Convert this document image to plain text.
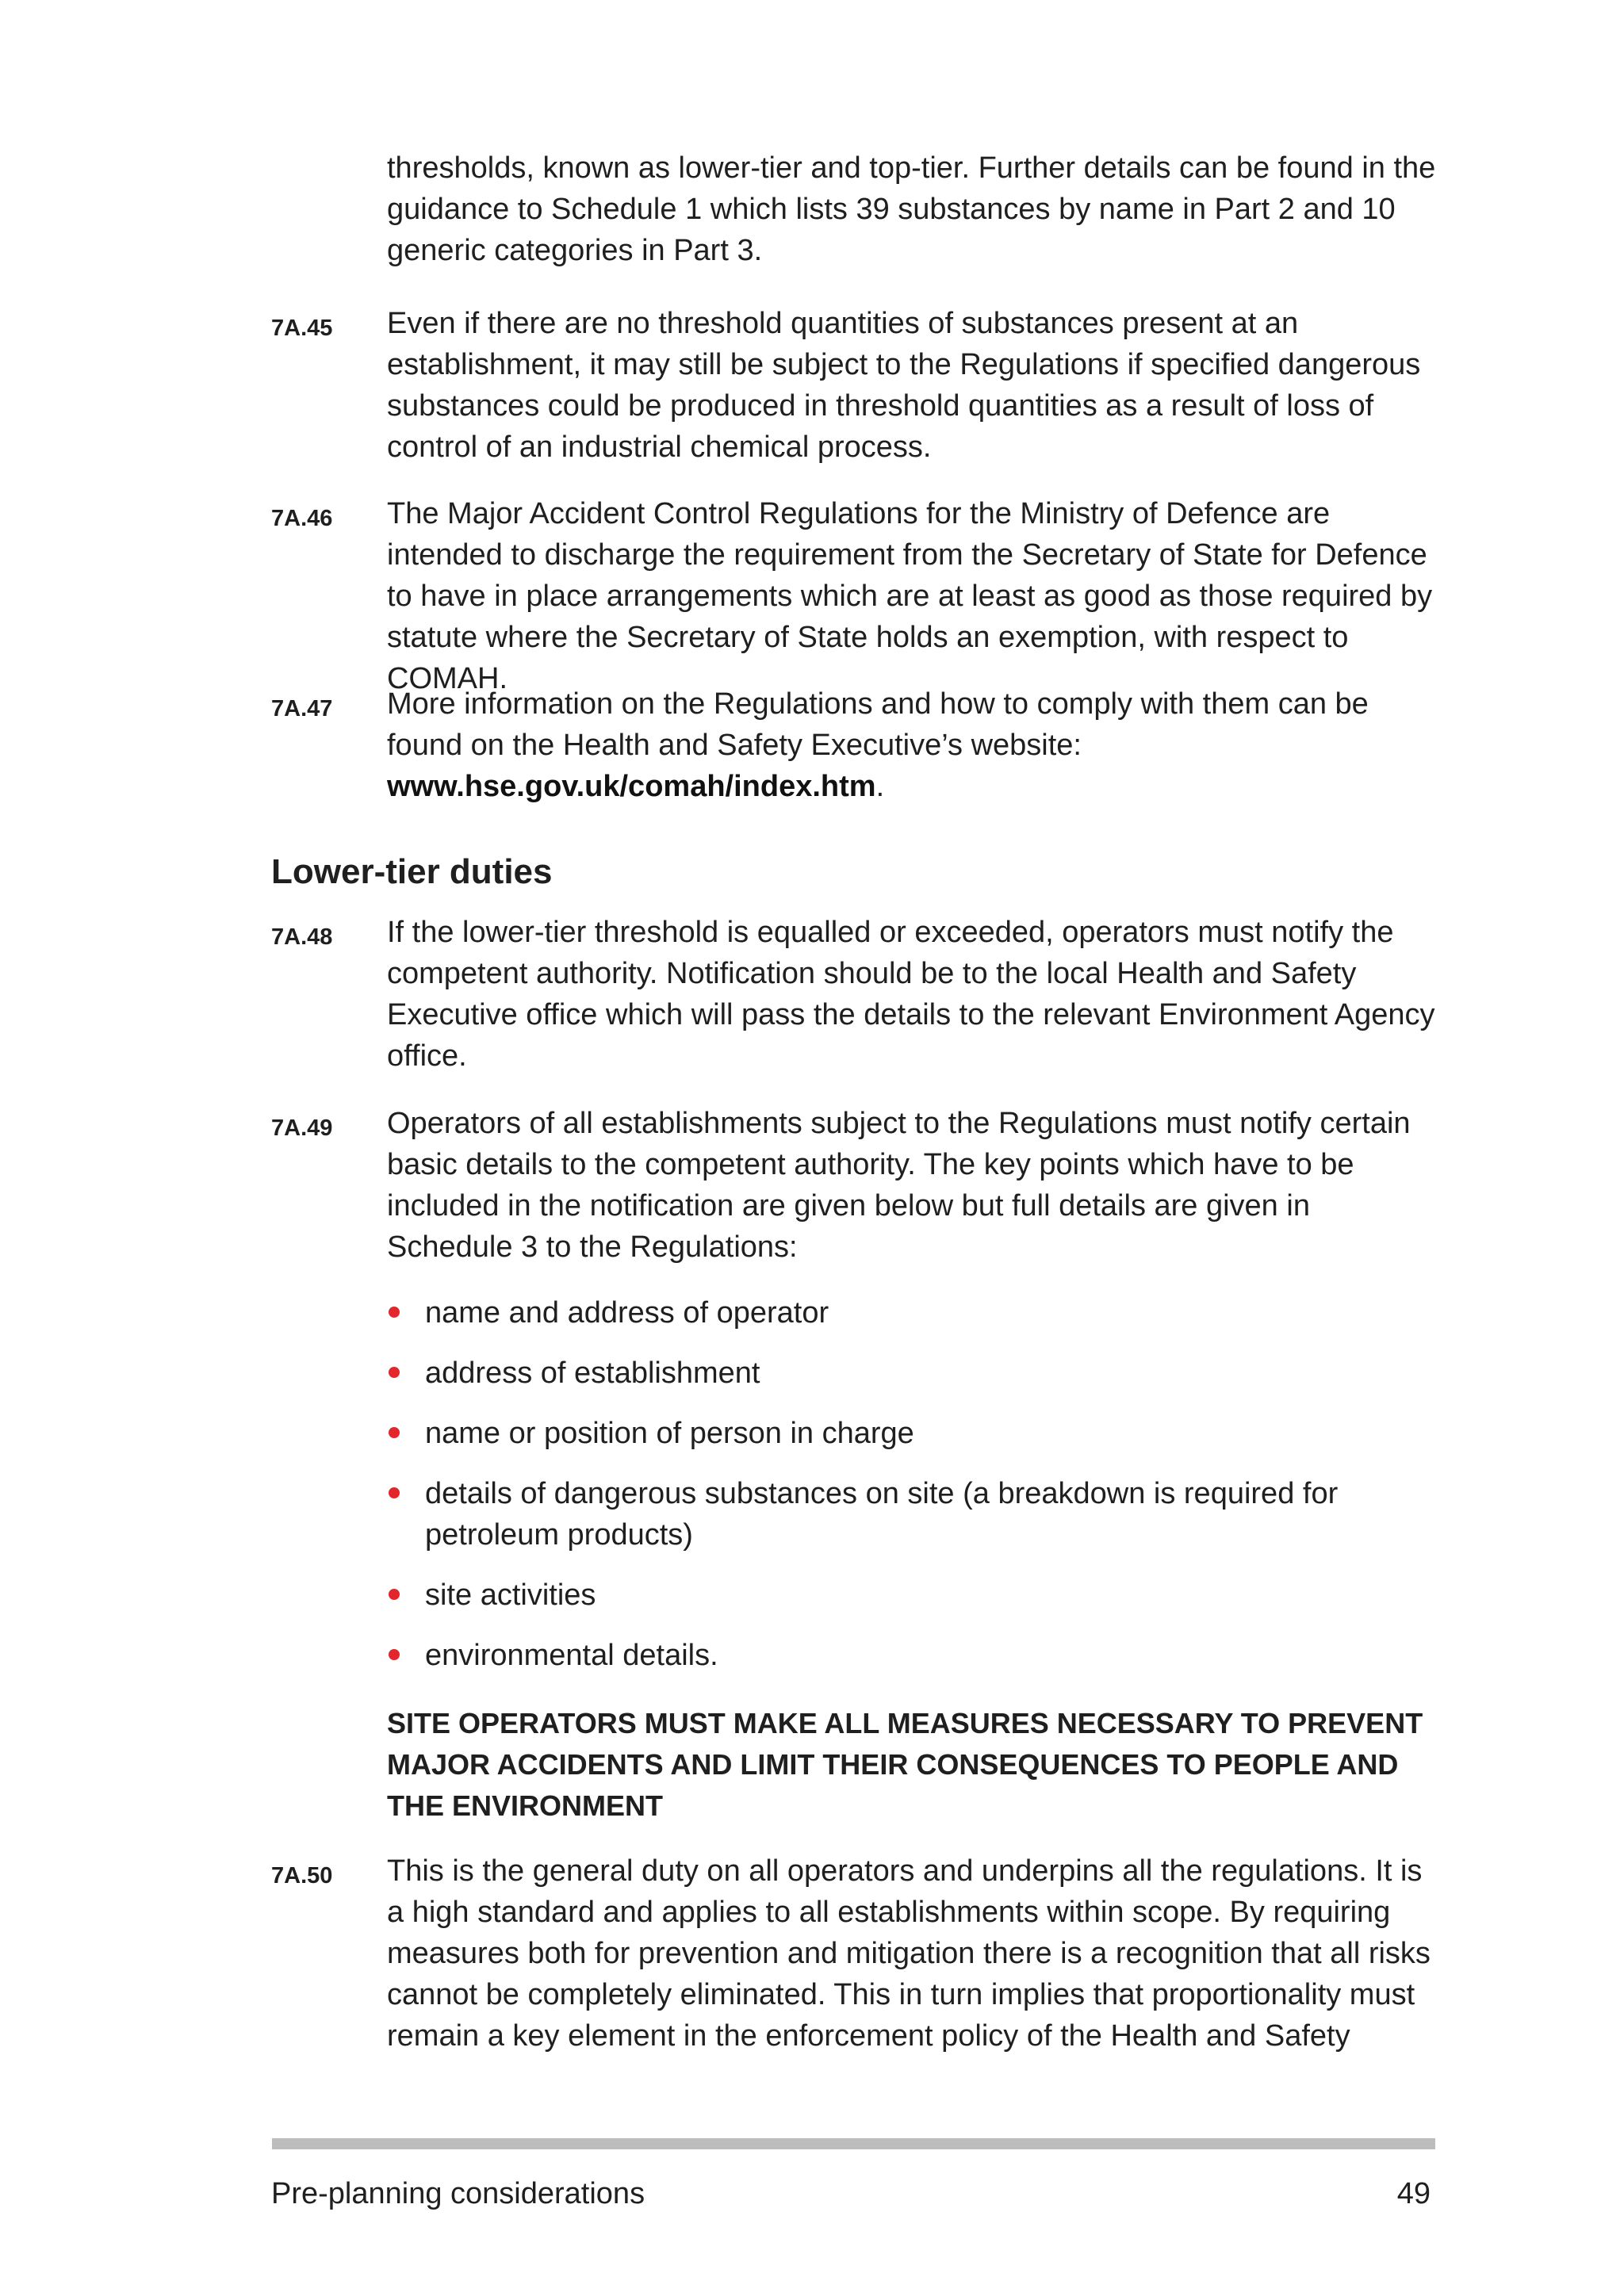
thresholds, known as lower-tier and top-tier. Further details can be found in the guidance to Schedule 1 which lists 39 substances by name in Part 2 and 10 generic categories in Part 3.
7A.45 Even if there are no threshold quantities of substances present at an establishment, it may still be subject to the Regulations if specified dangerous substances could be produced in threshold quantities as a result of loss of control of an industrial chemical process.
7A.46 The Major Accident Control Regulations for the Ministry of Defence are intended to discharge the requirement from the Secretary of State for Defence to have in place arrangements which are at least as good as those required by statute where the Secretary of State holds an exemption, with respect to COMAH.
7A.47 More information on the Regulations and how to comply with them can be found on the Health and Safety Executive’s website:
www.hse.gov.uk/comah/index.htm.
Lower-tier duties
7A.48 If the lower-tier threshold is equalled or exceeded, operators must notify the competent authority. Notification should be to the local Health and Safety Executive office which will pass the details to the relevant Environment Agency office.
7A.49 Operators of all establishments subject to the Regulations must notify certain basic details to the competent authority. The key points which have to be included in the notification are given below but full details are given in Schedule 3 to the Regulations:
name and address of operator
address of establishment
name or position of person in charge
details of dangerous substances on site (a breakdown is required for petroleum products)
site activities
environmental details.
SITE OPERATORS MUST MAKE ALL MEASURES NECESSARY TO PREVENT MAJOR ACCIDENTS AND LIMIT THEIR CONSEQUENCES TO PEOPLE AND THE ENVIRONMENT
7A.50 This is the general duty on all operators and underpins all the regulations. It is a high standard and applies to all establishments within scope. By requiring measures both for prevention and mitigation there is a recognition that all risks cannot be completely eliminated. This in turn implies that proportionality must remain a key element in the enforcement policy of the Health and Safety
Pre-planning considerations	49
